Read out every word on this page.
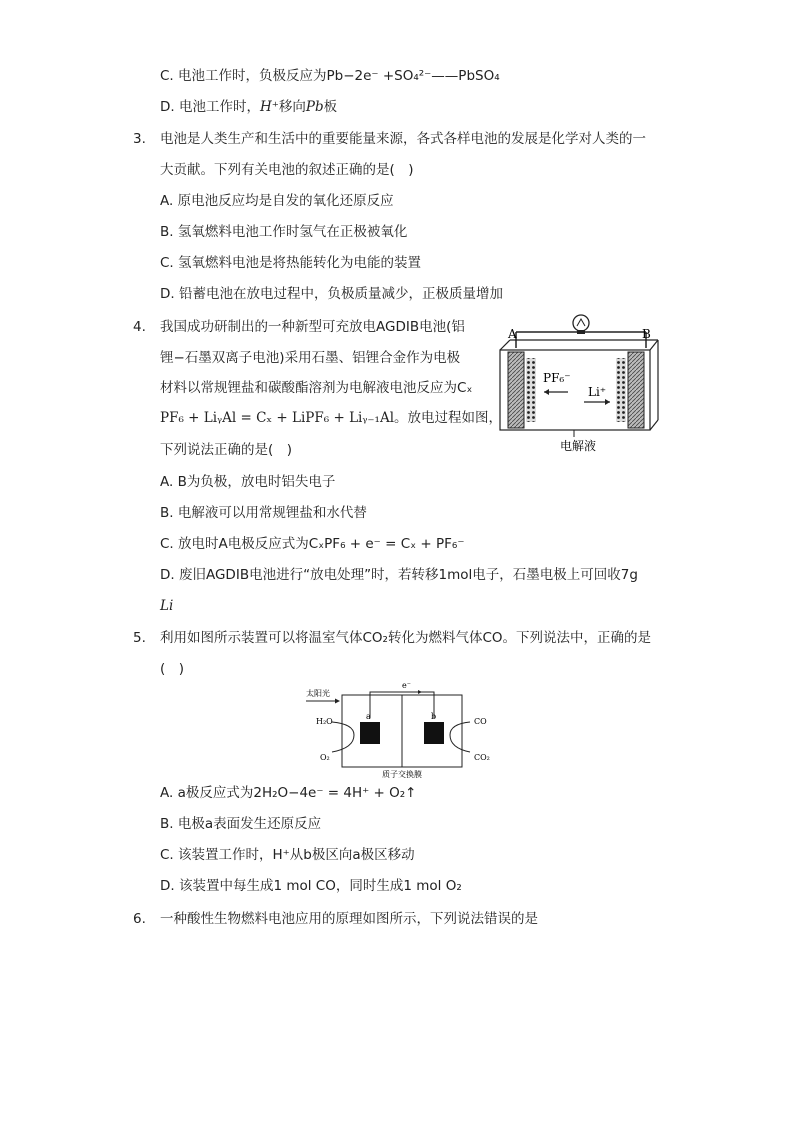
C. 电池工作时，负极反应为Pb−2e⁻ +SO₄²⁻——PbSO₄
D. 电池工作时，H⁺移向Pb板
3. 电池是人类生产和生活中的重要能量来源，各式各样电池的发展是化学对人类的一
大贡献。下列有关电池的叙述正确的是(　)
A. 原电池反应均是自发的氧化还原反应
B. 氢氧燃料电池工作时氢气在正极被氧化
C. 氢氧燃料电池是将热能转化为电能的装置
D. 铅蓄电池在放电过程中，负极质量减少，正极质量增加
4. 我国成功研制出的一种新型可充放电AGDIB电池(铝
锂−石墨双离子电池)采用石墨、铝锂合金作为电极
材料以常规锂盐和碳酸酯溶剂为电解液电池反应为Cₓ
PF₆ + LiᵧAl = Cₓ + LiPF₆ + Liᵧ₋₁Al。放电过程如图，
下列说法正确的是(　)
A. B为负极，放电时铝失电子
B. 电解液可以用常规锂盐和水代替
C. 放电时A电极反应式为CₓPF₆ + e⁻ = Cₓ + PF₆⁻
D. 废旧AGDIB电池进行“放电处理”时，若转移1mol电子，石墨电极上可回收7g
Li
A	B
PF₆⁻
Li⁺
电解液
5. 利用如图所示装置可以将温室气体CO₂转化为燃料气体CO。下列说法中，正确的是
(　)
太阳光
e⁻
a	b
H₂O
O₂
CO
CO₂
质子交换膜
A. a极反应式为2H₂O−4e⁻ = 4H⁺ + O₂↑
B. 电极a表面发生还原反应
C. 该装置工作时，H⁺从b极区向a极区移动
D. 该装置中每生成1 mol CO，同时生成1 mol O₂
6. 一种酸性生物燃料电池应用的原理如图所示，下列说法错误的是
